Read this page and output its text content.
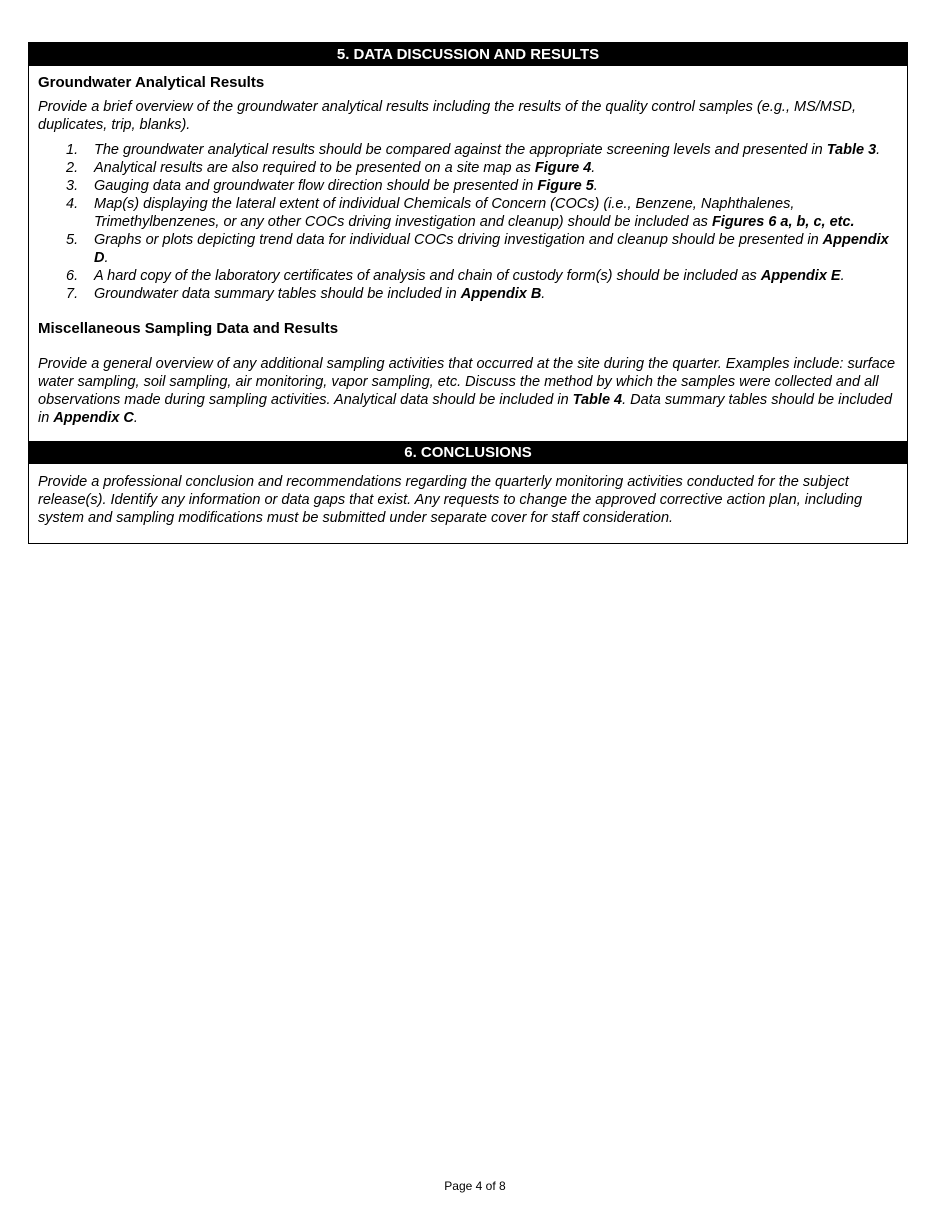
5. DATA DISCUSSION AND RESULTS
Groundwater Analytical Results

Provide a brief overview of the groundwater analytical results including the results of the quality control samples (e.g., MS/MSD, duplicates, trip, blanks).

1. The groundwater analytical results should be compared against the appropriate screening levels and presented in Table 3.
2. Analytical results are also required to be presented on a site map as Figure 4.
3. Gauging data and groundwater flow direction should be presented in Figure 5.
4. Map(s) displaying the lateral extent of individual Chemicals of Concern (COCs) (i.e., Benzene, Naphthalenes, Trimethylbenzenes, or any other COCs driving investigation and cleanup) should be included as Figures 6 a, b, c, etc.
5. Graphs or plots depicting trend data for individual COCs driving investigation and cleanup should be presented in Appendix D.
6. A hard copy of the laboratory certificates of analysis and chain of custody form(s) should be included as Appendix E.
7. Groundwater data summary tables should be included in Appendix B.
Miscellaneous Sampling Data and Results

Provide a general overview of any additional sampling activities that occurred at the site during the quarter. Examples include: surface water sampling, soil sampling, air monitoring, vapor sampling, etc. Discuss the method by which the samples were collected and all observations made during sampling activities. Analytical data should be included in Table 4. Data summary tables should be included in Appendix C.

6. CONCLUSIONS

Provide a professional conclusion and recommendations regarding the quarterly monitoring activities conducted for the subject release(s). Identify any information or data gaps that exist. Any requests to change the approved corrective action plan, including system and sampling modifications must be submitted under separate cover for staff consideration.

Page 4 of 8
